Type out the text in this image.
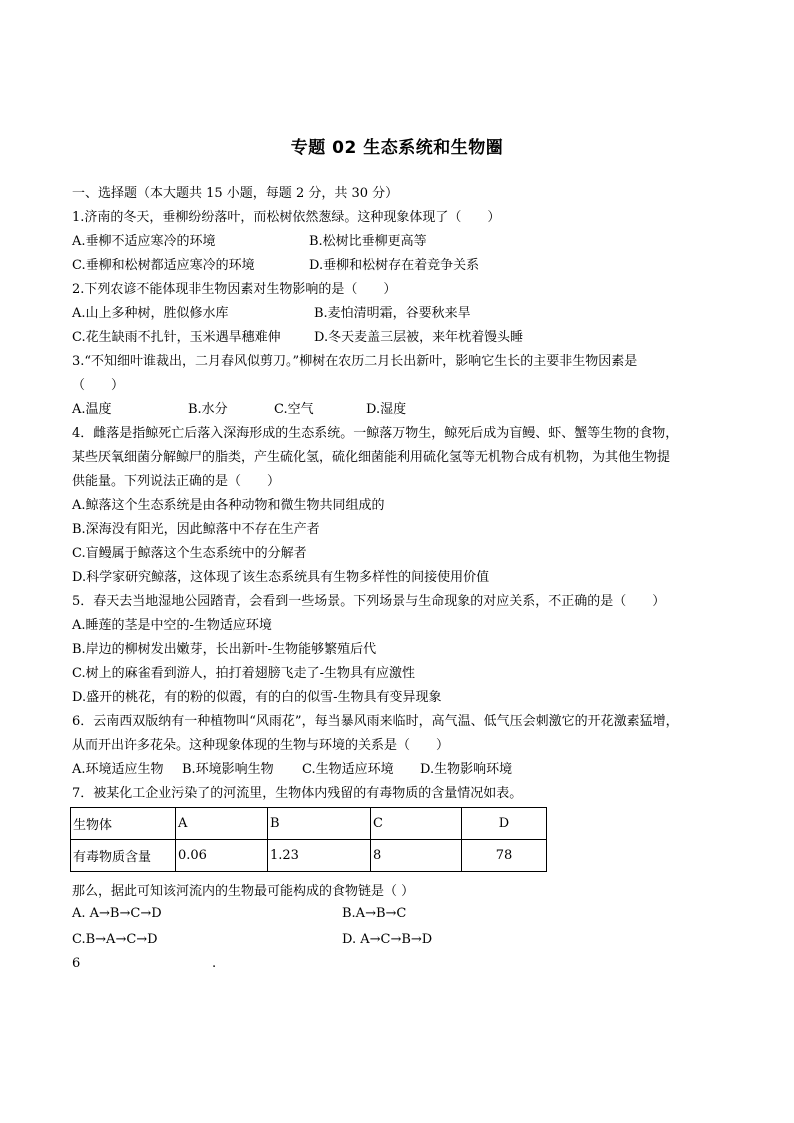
专题 02 生态系统和生物圈
一、选择题（本大题共 15 小题，每题 2 分，共 30 分）
1.济南的冬天，垂柳纷纷落叶，而松树依然葱绿。这种现象体现了（　　）
A.垂柳不适应寒冷的环境	B.松树比垂柳更高等
C.垂柳和松树都适应寒冷的环境	D.垂柳和松树存在着竞争关系
2.下列农谚不能体现非生物因素对生物影响的是（　　）
A.山上多种树，胜似修水库	B.麦怕清明霜，谷要秋来旱
C.花生缺雨不扎针，玉米遇旱穗难伸	D.冬天麦盖三层被，来年枕着馒头睡
3.“不知细叶谁裁出，二月春风似剪刀。”柳树在农历二月长出新叶，影响它生长的主要非生物因素是
（　　）
A.温度	B.水分	C.空气	D.湿度
4．雌落是指鲸死亡后落入深海形成的生态系统。一鲸落万物生，鲸死后成为盲鳗、虾、蟹等生物的食物，
某些厌氧细菌分解鲸尸的脂类，产生硫化氢，硫化细菌能利用硫化氢等无机物合成有机物，为其他生物提
供能量。下列说法正确的是（　　）
A.鲸落这个生态系统是由各种动物和微生物共同组成的
B.深海没有阳光，因此鲸落中不存在生产者
C.盲鳗属于鲸落这个生态系统中的分解者
D.科学家研究鲸落，这体现了该生态系统具有生物多样性的间接使用价值
5．春天去当地湿地公园踏青，会看到一些场景。下列场景与生命现象的对应关系，不正确的是（　　）
A.睡莲的茎是中空的-生物适应环境
B.岸边的柳树发出嫩芽，长出新叶-生物能够繁殖后代
C.树上的麻雀看到游人，拍打着翅膀飞走了-生物具有应激性
D.盛开的桃花，有的粉的似霞，有的白的似雪-生物具有变异现象
6．云南西双版纳有一种植物叫“风雨花”，每当暴风雨来临时，高气温、低气压会刺激它的开花激素猛增，
从而开出许多花朵。这种现象体现的生物与环境的关系是（　　）
A.环境适应生物 B.环境影响生物 C.生物适应环境 D.生物影响环境
7．被某化工企业污染了的河流里，生物体内残留的有毒物质的含量情况如表。
生物体	A	B	C	D
有毒物质含量	0.06	1.23	8	78
那么，据此可知该河流内的生物最可能构成的食物链是（ ）
A. A→B→C→D	B.A→B→C
C.B→A→C→D	D. A→C→B→D
6	.
